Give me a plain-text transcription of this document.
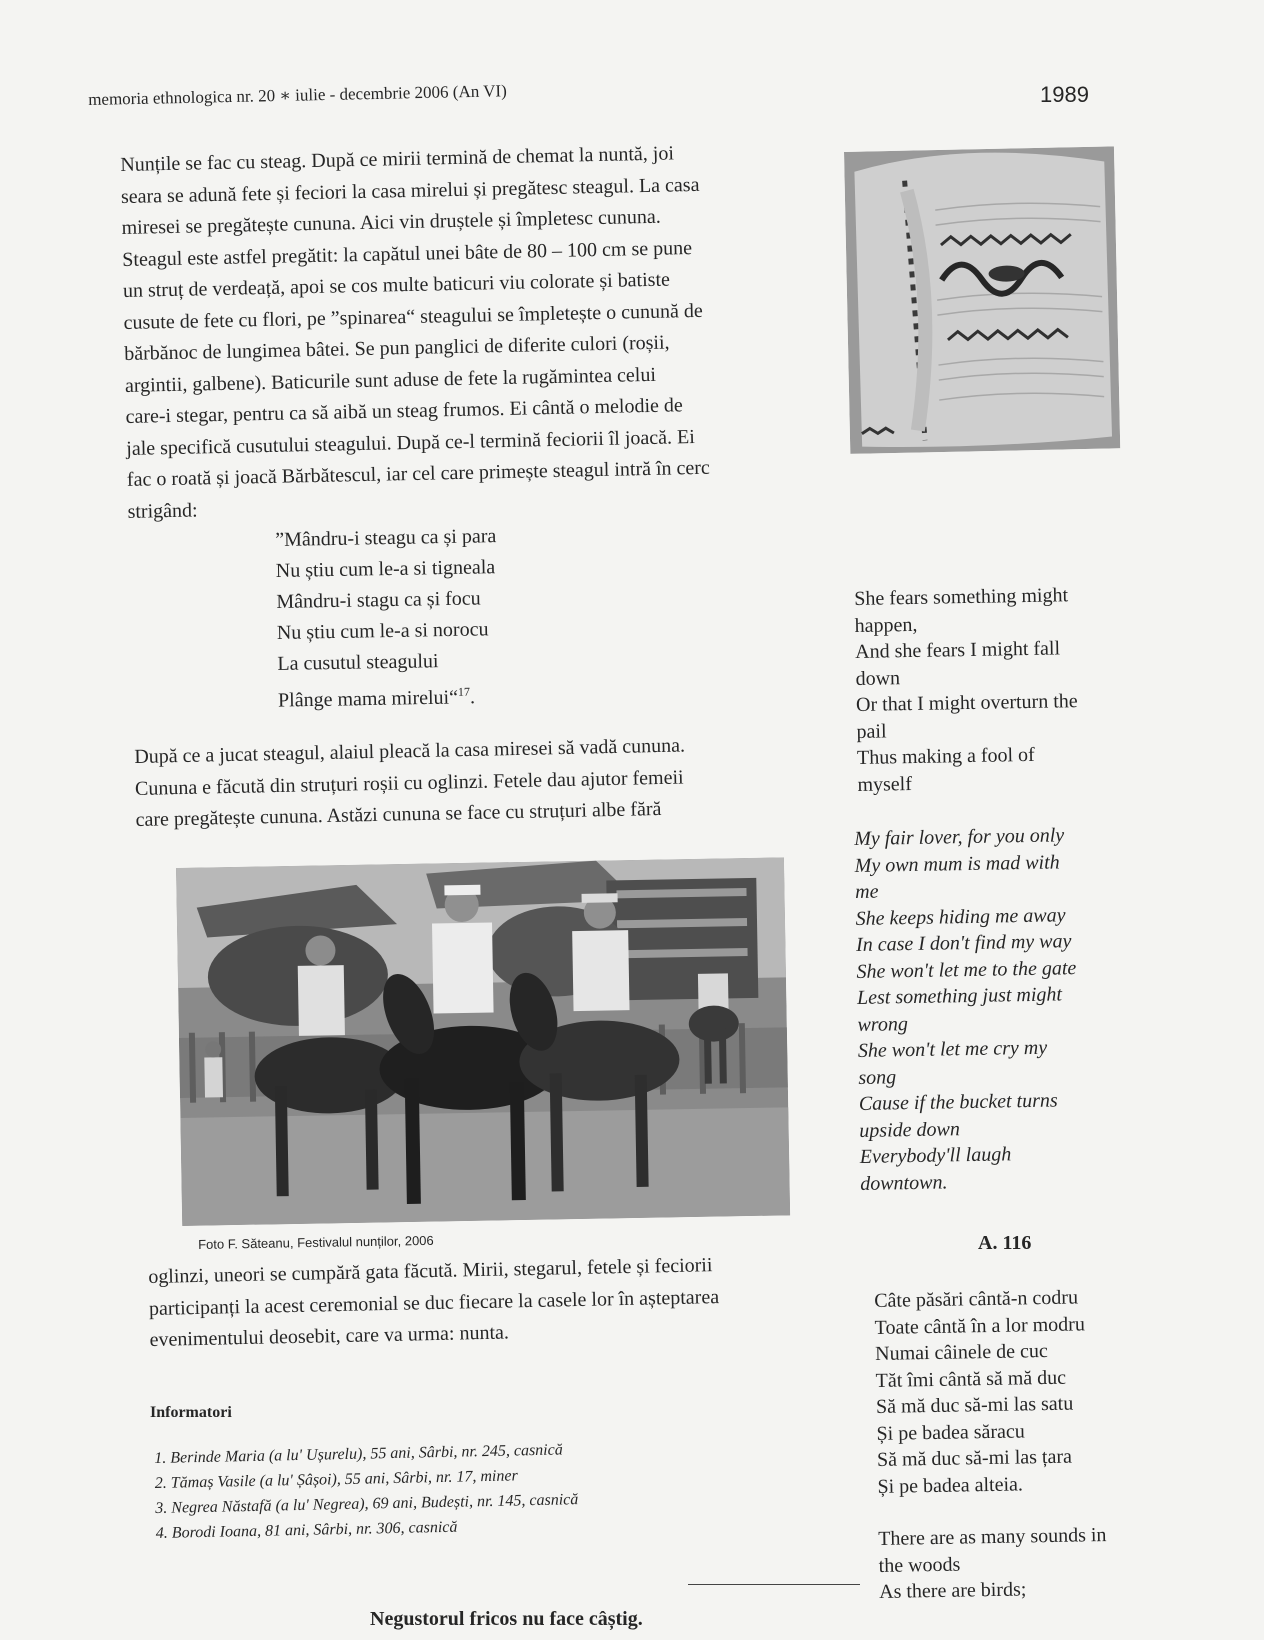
memoria ethnologica nr. 20 ∗ iulie - decembrie 2006 (An VI)	1989

Nunțile se fac cu steag. După ce mirii termină de chemat la nuntă, joi
seara se adună fete și feciori la casa mirelui și pregătesc steagul. La casa
miresei se pregătește cununa. Aici vin druștele și împletesc cununa.
Steagul este astfel pregătit: la capătul unei bâte de 80 – 100 cm se pune
un struț de verdeață, apoi se cos multe baticuri viu colorate și batiste
cusute de fete cu flori, pe ”spinarea“ steagului se împletește o cunună de
bărbănoc de lungimea bâtei. Se pun panglici de diferite culori (roșii,
argintii, galbene). Baticurile sunt aduse de fete la rugămintea celui
care-i stegar, pentru ca să aibă un steag frumos. Ei cântă o melodie de
jale specifică cusutului steagului. După ce-l termină feciorii îl joacă. Ei
fac o roată și joacă Bărbătescul, iar cel care primește steagul intră în cerc
strigând:

”Mândru-i steagu ca și para
Nu știu cum le-a si tigneala
Mândru-i stagu ca și focu
Nu știu cum le-a si norocu
La cusutul steagului
Plânge mama mirelui“$^{17}$.

După ce a jucat steagul, alaiul pleacă la casa miresei să vadă cununa.
Cununa e făcută din struțuri roșii cu oglinzi. Fetele dau ajutor femeii
care pregătește cununa. Astăzi cununa se face cu struțuri albe fără

Foto F. Săteanu, Festivalul nunților, 2006

oglinzi, uneori se cumpără gata făcută. Mirii, stegarul, fetele și feciorii
participanți la acest ceremonial se duc fiecare la casele lor în așteptarea
evenimentului deosebit, care va urma: nunta.

Informatori
1. Berinde Maria (a lu' Ușurelu), 55 ani, Sârbi, nr. 245, casnică
2. Tămaș Vasile (a lu' Șâșoi), 55 ani, Sârbi, nr. 17, miner
3. Negrea Năstafă (a lu' Negrea), 69 ani, Budești, nr. 145, casnică
4. Borodi Ioana, 81 ani, Sârbi, nr. 306, casnică
Negustorul fricos nu face câștig.
She fears something might
happen,
And she fears I might fall
down
Or that I might overturn the
pail
Thus making a fool of
myself
My fair lover, for you only
My own mum is mad with
me
She keeps hiding me away
In case I don't find my way
She won't let me to the gate
Lest something just might
wrong
She won't let me cry my
song
Cause if the bucket turns
upside down
Everybody'll laugh
downtown.
A. 116
Câte păsări cântă-n codru
Toate cântă în a lor modru
Numai câinele de cuc
Tăt îmi cântă să mă duc
Să mă duc să-mi las satu
Și pe badea săracu
Să mă duc să-mi las țara
Și pe badea alteia.
There are as many sounds in
the woods
As there are birds;
